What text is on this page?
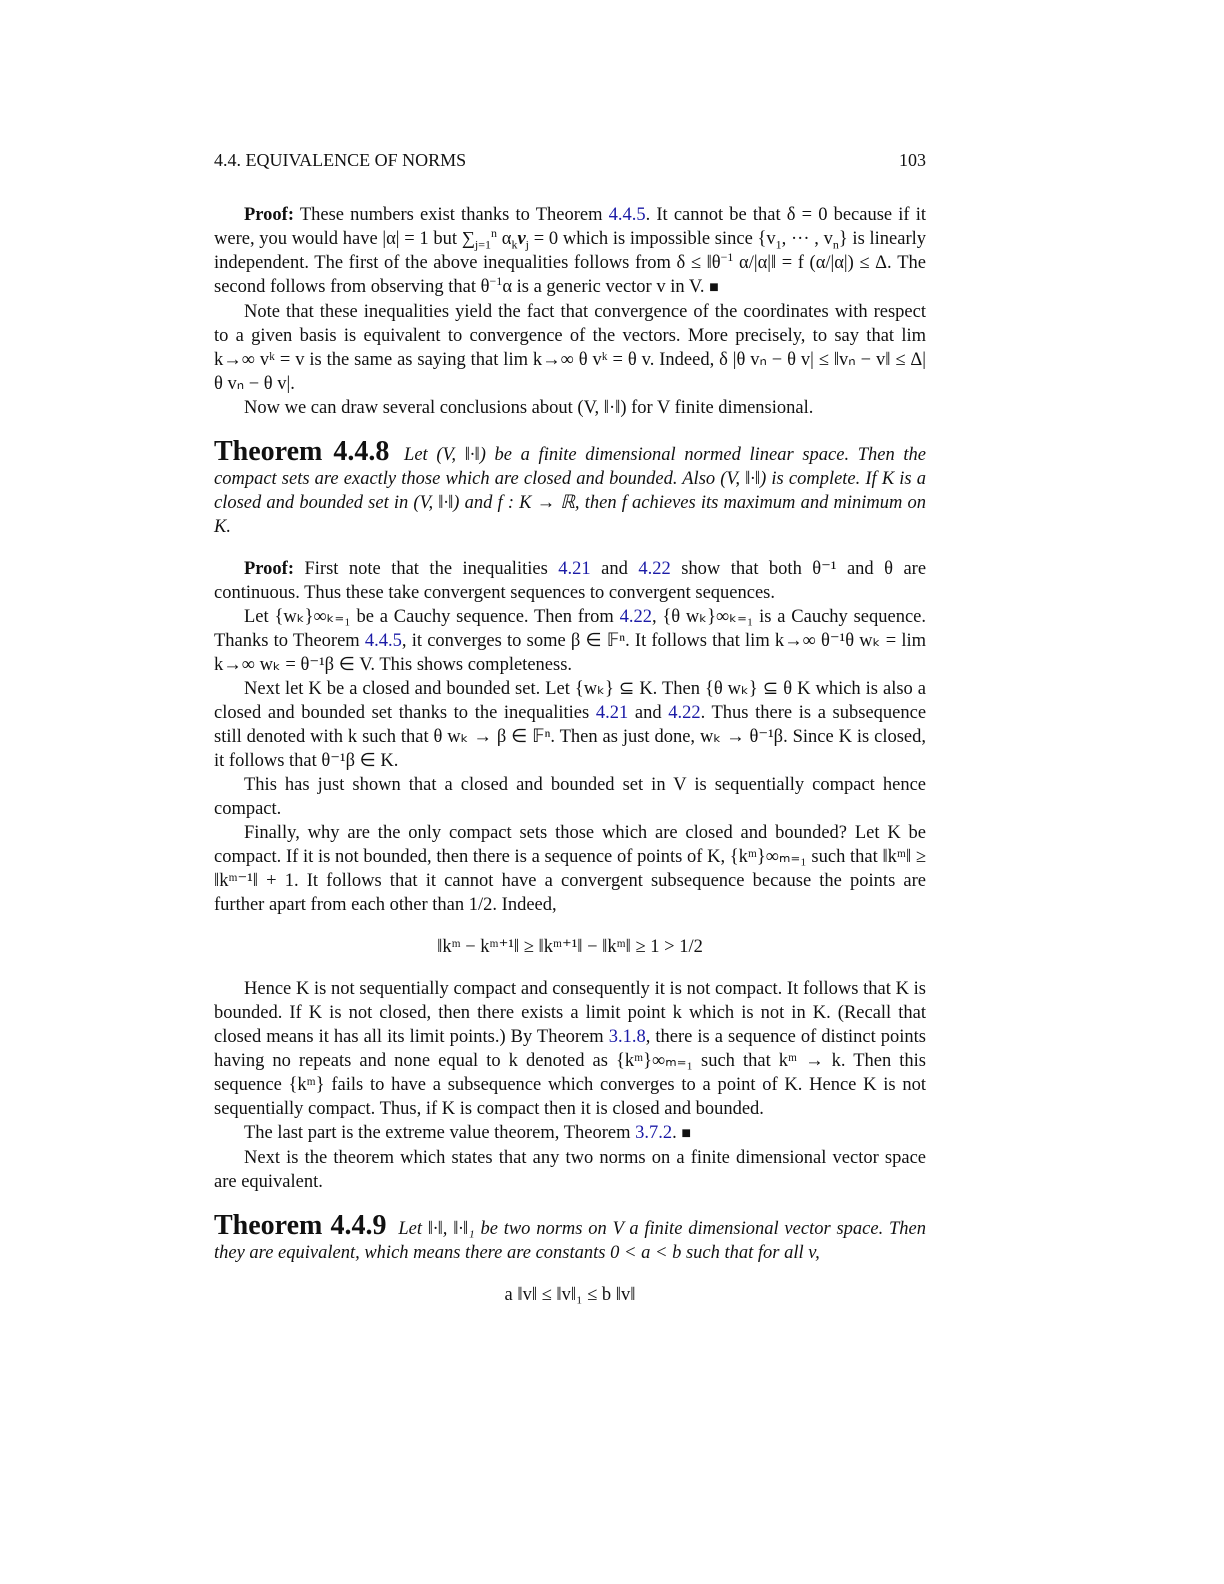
4.4. EQUIVALENCE OF NORMS	103

Proof: These numbers exist thanks to Theorem 4.4.5. It cannot be that δ = 0 because if it were, you would have |α| = 1 but $\sum_{j=1}^n$ $\alpha_kv_j = 0$ which is impossible since {$v_1$, ··· , $v_n$} is linearly independent. The first of the above inequalities follows from $\delta \le ‖\theta^{-1}$ α/|α|‖ = f (α/|α|) ≤ Δ. The second follows from observing that $\theta^{-1}\alpha$ is a generic vector v in V. ■

Note that these inequalities yield the fact that convergence of the coordinates with respect to a given basis is equivalent to convergence of the vectors. More precisely, to say that lim k→∞ vᵏ = v is the same as saying that lim k→∞ θ vᵏ = θ v. Indeed, δ |θ vₙ − θ v| ≤ ‖vₙ − v‖ ≤ Δ|θ vₙ − θ v|.

Now we can draw several conclusions about (V, ‖·‖) for V finite dimensional.

Theorem 4.4.8 Let (V, ‖·‖) be a finite dimensional normed linear space. Then the compact sets are exactly those which are closed and bounded. Also (V, ‖·‖) is complete. If K is a closed and bounded set in (V, ‖·‖) and f : K → ℝ, then f achieves its maximum and minimum on K.

Proof: First note that the inequalities 4.21 and 4.22 show that both θ⁻¹ and θ are continuous. Thus these take convergent sequences to convergent sequences.

Let {wₖ}∞ₖ₌₁ be a Cauchy sequence. Then from 4.22, {θ wₖ}∞ₖ₌₁ is a Cauchy sequence. Thanks to Theorem 4.4.5, it converges to some β ∈ 𝔽ⁿ. It follows that lim k→∞ θ⁻¹θ wₖ = lim k→∞ wₖ = θ⁻¹β ∈ V. This shows completeness.

Next let K be a closed and bounded set. Let {wₖ} ⊆ K. Then {θ wₖ} ⊆ θ K which is also a closed and bounded set thanks to the inequalities 4.21 and 4.22. Thus there is a subsequence still denoted with k such that θ wₖ → β ∈ 𝔽ⁿ. Then as just done, wₖ → θ⁻¹β. Since K is closed, it follows that θ⁻¹β ∈ K.

This has just shown that a closed and bounded set in V is sequentially compact hence compact.

Finally, why are the only compact sets those which are closed and bounded? Let K be compact. If it is not bounded, then there is a sequence of points of K, {kᵐ}∞ₘ₌₁ such that ‖kᵐ‖ ≥ ‖kᵐ⁻¹‖ + 1. It follows that it cannot have a convergent subsequence because the points are further apart from each other than 1/2. Indeed,

‖kᵐ − kᵐ⁺¹‖ ≥ ‖kᵐ⁺¹‖ − ‖kᵐ‖ ≥ 1 > 1/2

Hence K is not sequentially compact and consequently it is not compact. It follows that K is bounded. If K is not closed, then there exists a limit point k which is not in K. (Recall that closed means it has all its limit points.) By Theorem 3.1.8, there is a sequence of distinct points having no repeats and none equal to k denoted as {kᵐ}∞ₘ₌₁ such that kᵐ → k. Then this sequence {kᵐ} fails to have a subsequence which converges to a point of K. Hence K is not sequentially compact. Thus, if K is compact then it is closed and bounded.

The last part is the extreme value theorem, Theorem 3.7.2. ■

Next is the theorem which states that any two norms on a finite dimensional vector space are equivalent.

Theorem 4.4.9 Let ‖·‖, ‖·‖₁ be two norms on V a finite dimensional vector space. Then they are equivalent, which means there are constants 0 < a < b such that for all v,

a ‖v‖ ≤ ‖v‖₁ ≤ b ‖v‖
